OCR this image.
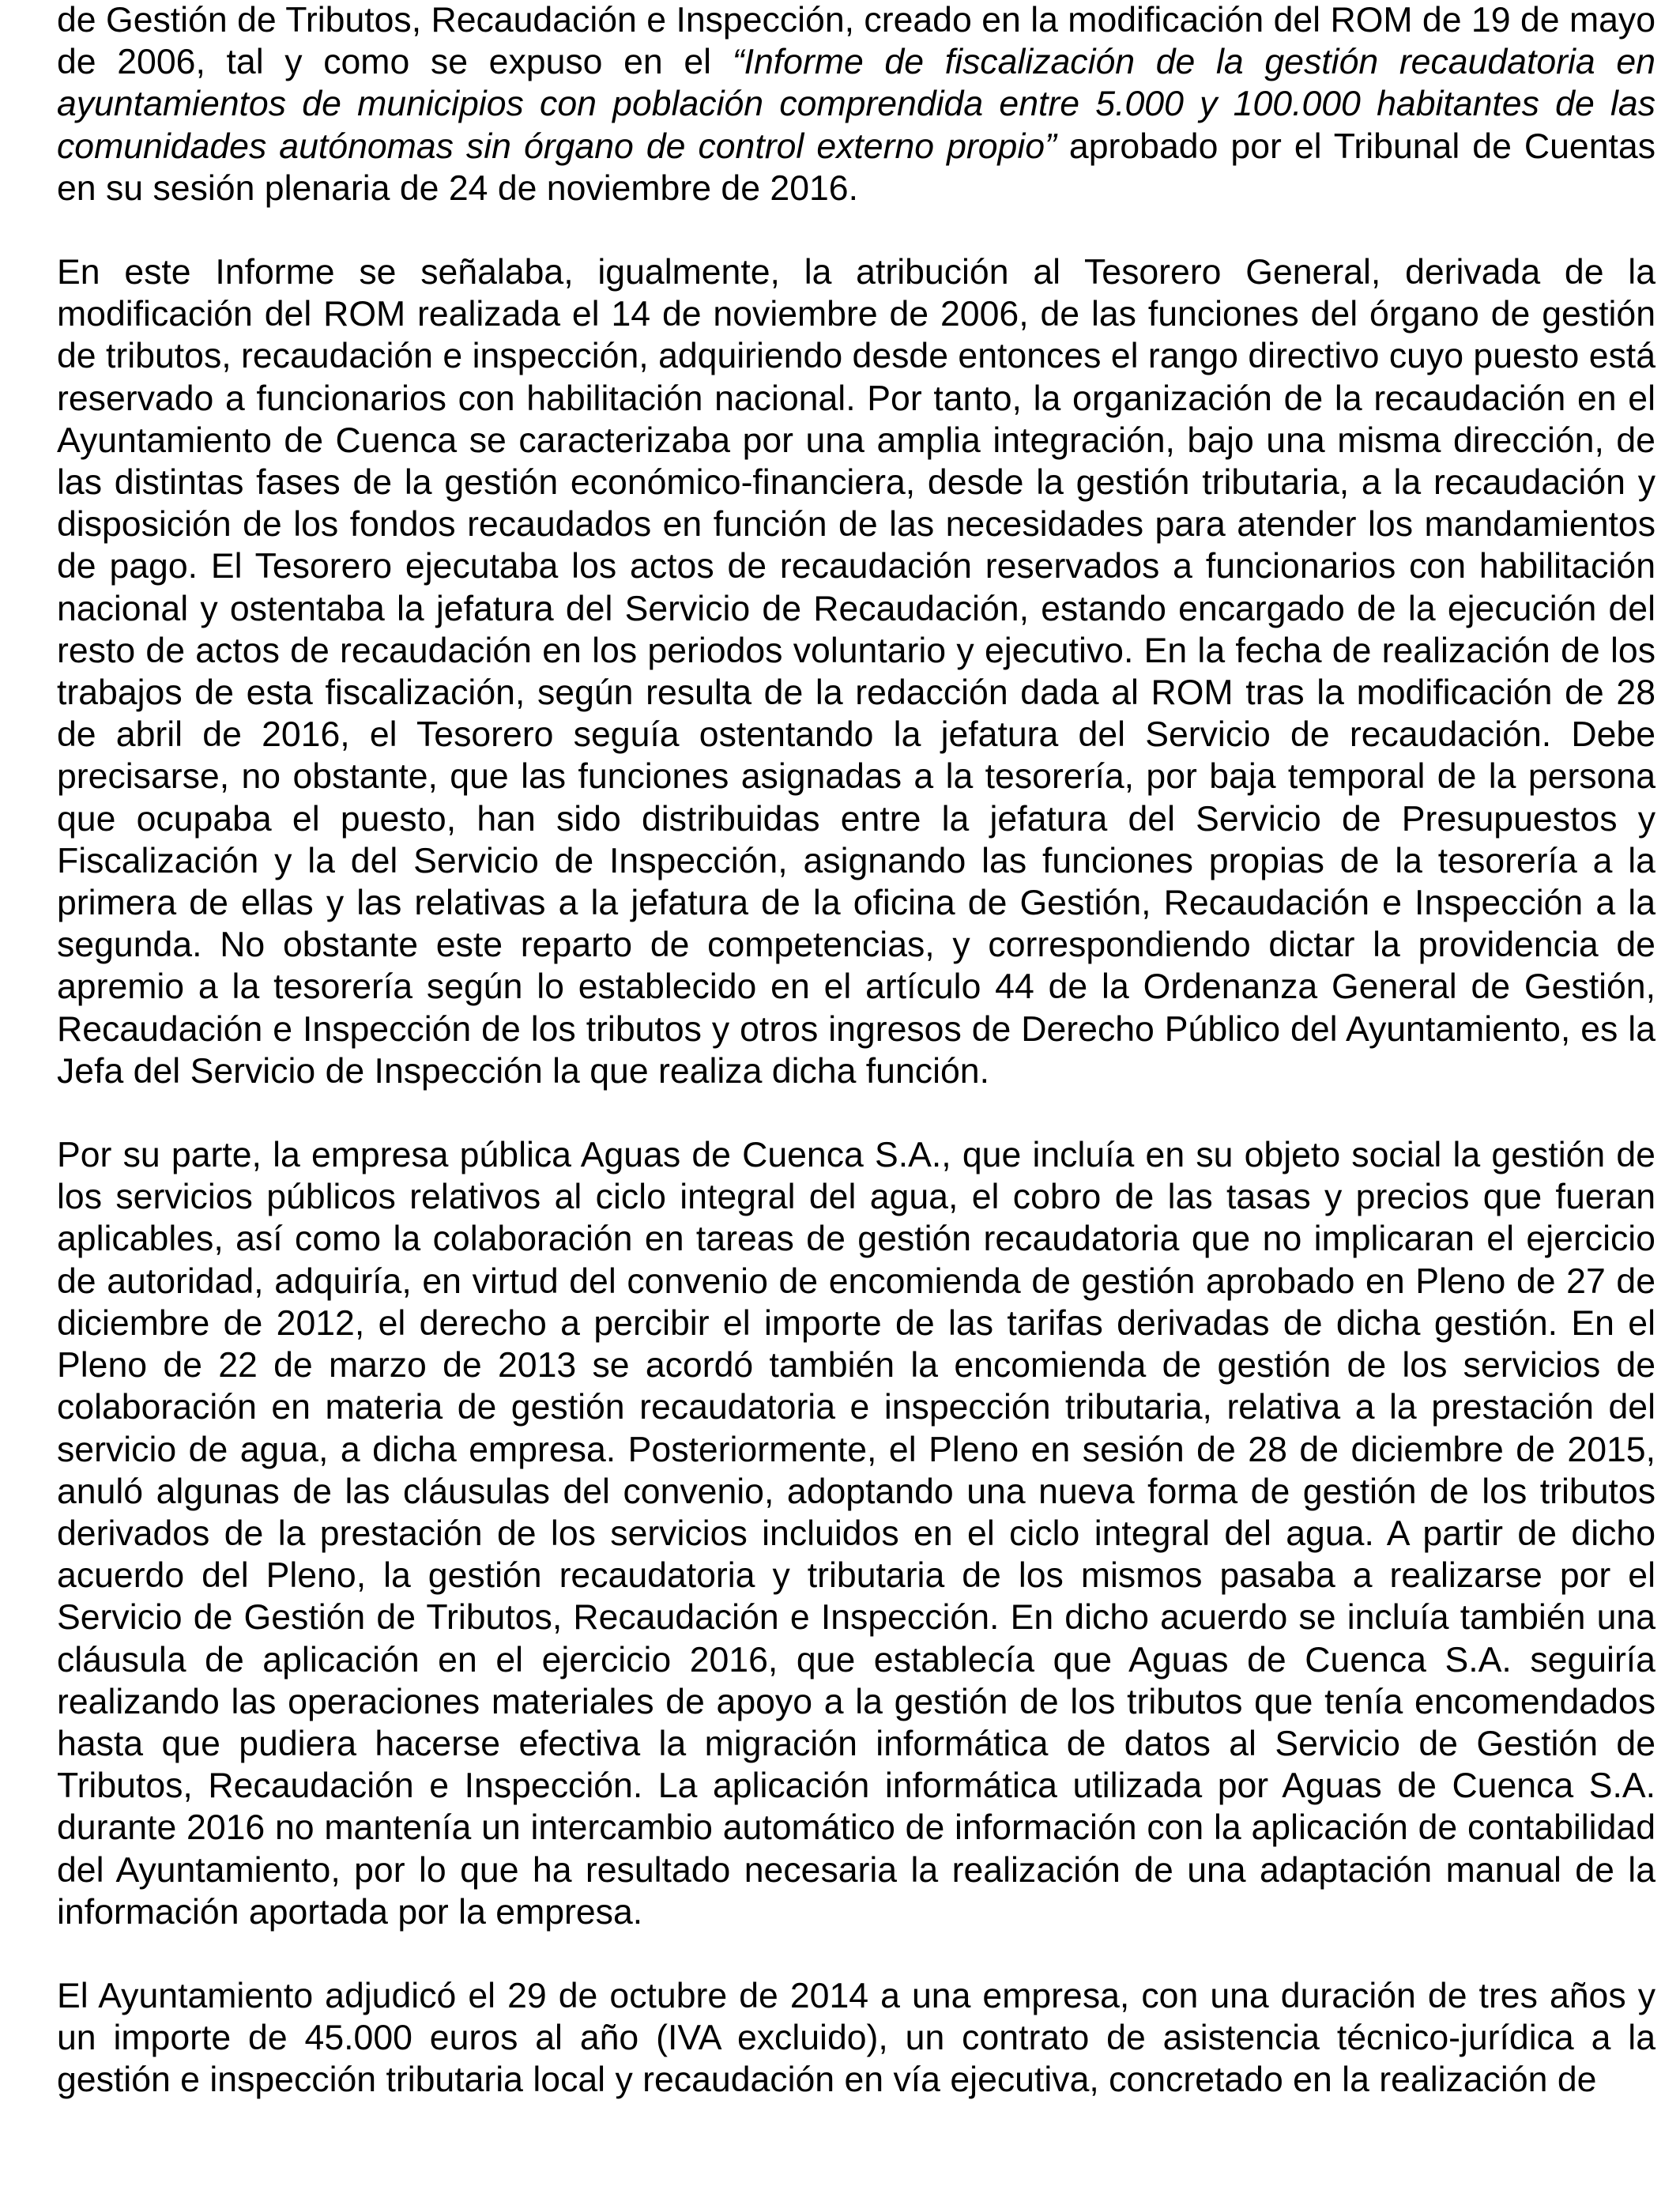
de Gestión de Tributos, Recaudación e Inspección, creado en la modificación del ROM de 19 de mayo de 2006, tal y como se expuso en el “Informe de fiscalización de la gestión recaudatoria en ayuntamientos de municipios con población comprendida entre 5.000 y 100.000 habitantes de las comunidades autónomas sin órgano de control externo propio” aprobado por el Tribunal de Cuentas en su sesión plenaria de 24 de noviembre de 2016.

En este Informe se señalaba, igualmente, la atribución al Tesorero General, derivada de la modificación del ROM realizada el 14 de noviembre de 2006, de las funciones del órgano de gestión de tributos, recaudación e inspección, adquiriendo desde entonces el rango directivo cuyo puesto está reservado a funcionarios con habilitación nacional. Por tanto, la organización de la recaudación en el Ayuntamiento de Cuenca se caracterizaba por una amplia integración, bajo una misma dirección, de las distintas fases de la gestión económico-financiera, desde la gestión tributaria, a la recaudación y disposición de los fondos recaudados en función de las necesidades para atender los mandamientos de pago. El Tesorero ejecutaba los actos de recaudación reservados a funcionarios con habilitación nacional y ostentaba la jefatura del Servicio de Recaudación, estando encargado de la ejecución del resto de actos de recaudación en los periodos voluntario y ejecutivo. En la fecha de realización de los trabajos de esta fiscalización, según resulta de la redacción dada al ROM tras la modificación de 28 de abril de 2016, el Tesorero seguía ostentando la jefatura del Servicio de recaudación. Debe precisarse, no obstante, que las funciones asignadas a la tesorería, por baja temporal de la persona que ocupaba el puesto, han sido distribuidas entre la jefatura del Servicio de Presupuestos y Fiscalización y la del Servicio de Inspección, asignando las funciones propias de la tesorería a la primera de ellas y las relativas a la jefatura de la oficina de Gestión, Recaudación e Inspección a la segunda. No obstante este reparto de competencias, y correspondiendo dictar la providencia de apremio a la tesorería según lo establecido en el artículo 44 de la Ordenanza General de Gestión, Recaudación e Inspección de los tributos y otros ingresos de Derecho Público del Ayuntamiento, es la Jefa del Servicio de Inspección la que realiza dicha función.

Por su parte, la empresa pública Aguas de Cuenca S.A., que incluía en su objeto social la gestión de los servicios públicos relativos al ciclo integral del agua, el cobro de las tasas y precios que fueran aplicables, así como la colaboración en tareas de gestión recaudatoria que no implicaran el ejercicio de autoridad, adquiría, en virtud del convenio de encomienda de gestión aprobado en Pleno de 27 de diciembre de 2012, el derecho a percibir el importe de las tarifas derivadas de dicha gestión. En el Pleno de 22 de marzo de 2013 se acordó también la encomienda de gestión de los servicios de colaboración en materia de gestión recaudatoria e inspección tributaria, relativa a la prestación del servicio de agua, a dicha empresa. Posteriormente, el Pleno en sesión de 28 de diciembre de 2015, anuló algunas de las cláusulas del convenio, adoptando una nueva forma de gestión de los tributos derivados de la prestación de los servicios incluidos en el ciclo integral del agua. A partir de dicho acuerdo del Pleno, la gestión recaudatoria y tributaria de los mismos pasaba a realizarse por el Servicio de Gestión de Tributos, Recaudación e Inspección. En dicho acuerdo se incluía también una cláusula de aplicación en el ejercicio 2016, que establecía que Aguas de Cuenca S.A. seguiría realizando las operaciones materiales de apoyo a la gestión de los tributos que tenía encomendados hasta que pudiera hacerse efectiva la migración informática de datos al Servicio de Gestión de Tributos, Recaudación e Inspección. La aplicación informática utilizada por Aguas de Cuenca S.A. durante 2016 no mantenía un intercambio automático de información con la aplicación de contabilidad del Ayuntamiento, por lo que ha resultado necesaria la realización de una adaptación manual de la información aportada por la empresa.

El Ayuntamiento adjudicó el 29 de octubre de 2014 a una empresa, con una duración de tres años y un importe de 45.000 euros al año (IVA excluido), un contrato de asistencia técnico-jurídica a la gestión e inspección tributaria local y recaudación en vía ejecutiva, concretado en la realización de
